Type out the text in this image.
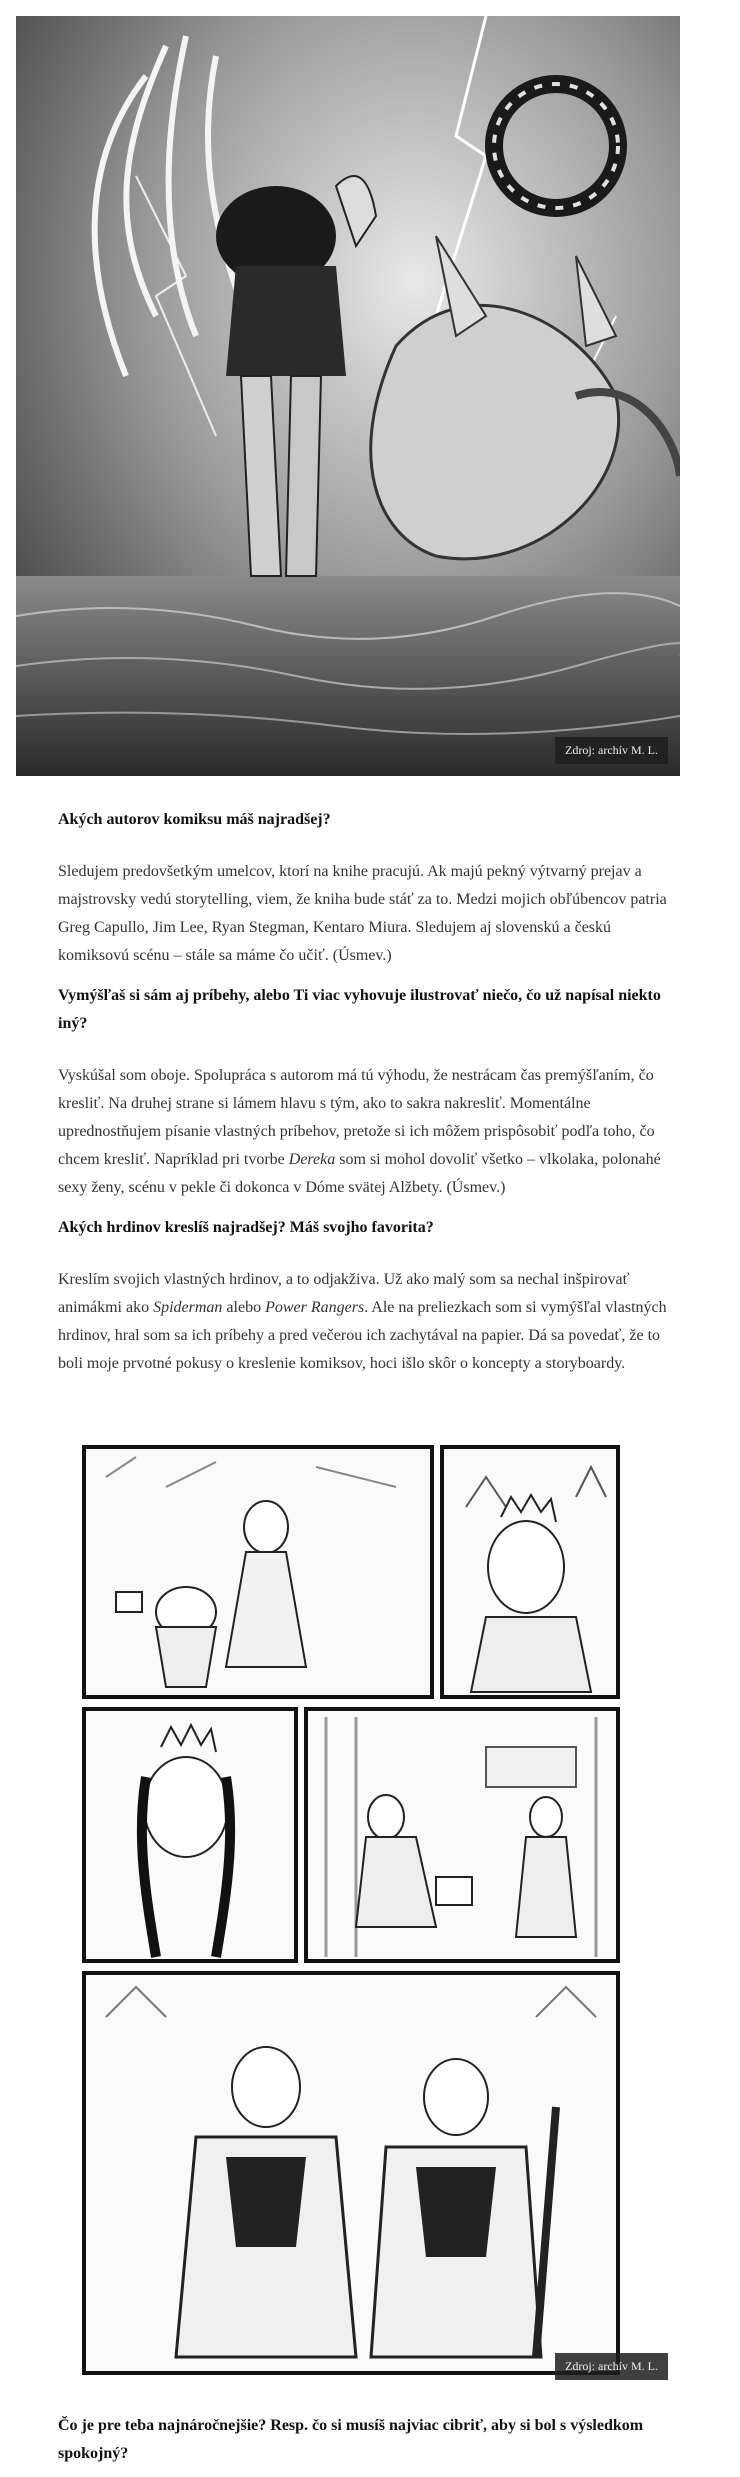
Zdroj: archív M. L.
Akých autorov komiksu máš najradšej?

Sledujem predovšetkým umelcov, ktorí na knihe pracujú. Ak majú pekný výtvarný prejav a majstrovsky vedú storytelling, viem, že kniha bude stáť za to. Medzi mojich obľúbencov patria Greg Capullo, Jim Lee, Ryan Stegman, Kentaro Miura. Sledujem aj slovenskú a českú komiksovú scénu – stále sa máme čo učiť. (Úsmev.)

Vymýšľaš si sám aj príbehy, alebo Ti viac vyhovuje ilustrovať niečo, čo už napísal niekto iný?

Vyskúšal som oboje. Spolupráca s autorom má tú výhodu, že nestrácam čas premýšľaním, čo kresliť. Na druhej strane si lámem hlavu s tým, ako to sakra nakresliť. Momentálne uprednostňujem písanie vlastných príbehov, pretože si ich môžem prispôsobiť podľa toho, čo chcem kresliť. Napríklad pri tvorbe Dereka som si mohol dovoliť všetko – vlkolaka, polonahé sexy ženy, scénu v pekle či dokonca v Dóme svätej Alžbety. (Úsmev.)

Akých hrdinov kreslíš najradšej? Máš svojho favorita?

Kreslím svojich vlastných hrdinov, a to odjakživa. Už ako malý som sa nechal inšpirovať animákmi ako Spiderman alebo Power Rangers. Ale na preliezkach som si vymýšľal vlastných hrdinov, hral som sa ich príbehy a pred večerou ich zachytával na papier. Dá sa povedať, že to boli moje prvotné pokusy o kreslenie komiksov, hoci išlo skôr o koncepty a storyboardy.

Zdroj: archív M. L.
Čo je pre teba najnáročnejšie? Resp. čo si musíš najviac cibriť, aby si bol s výsledkom spokojný?
